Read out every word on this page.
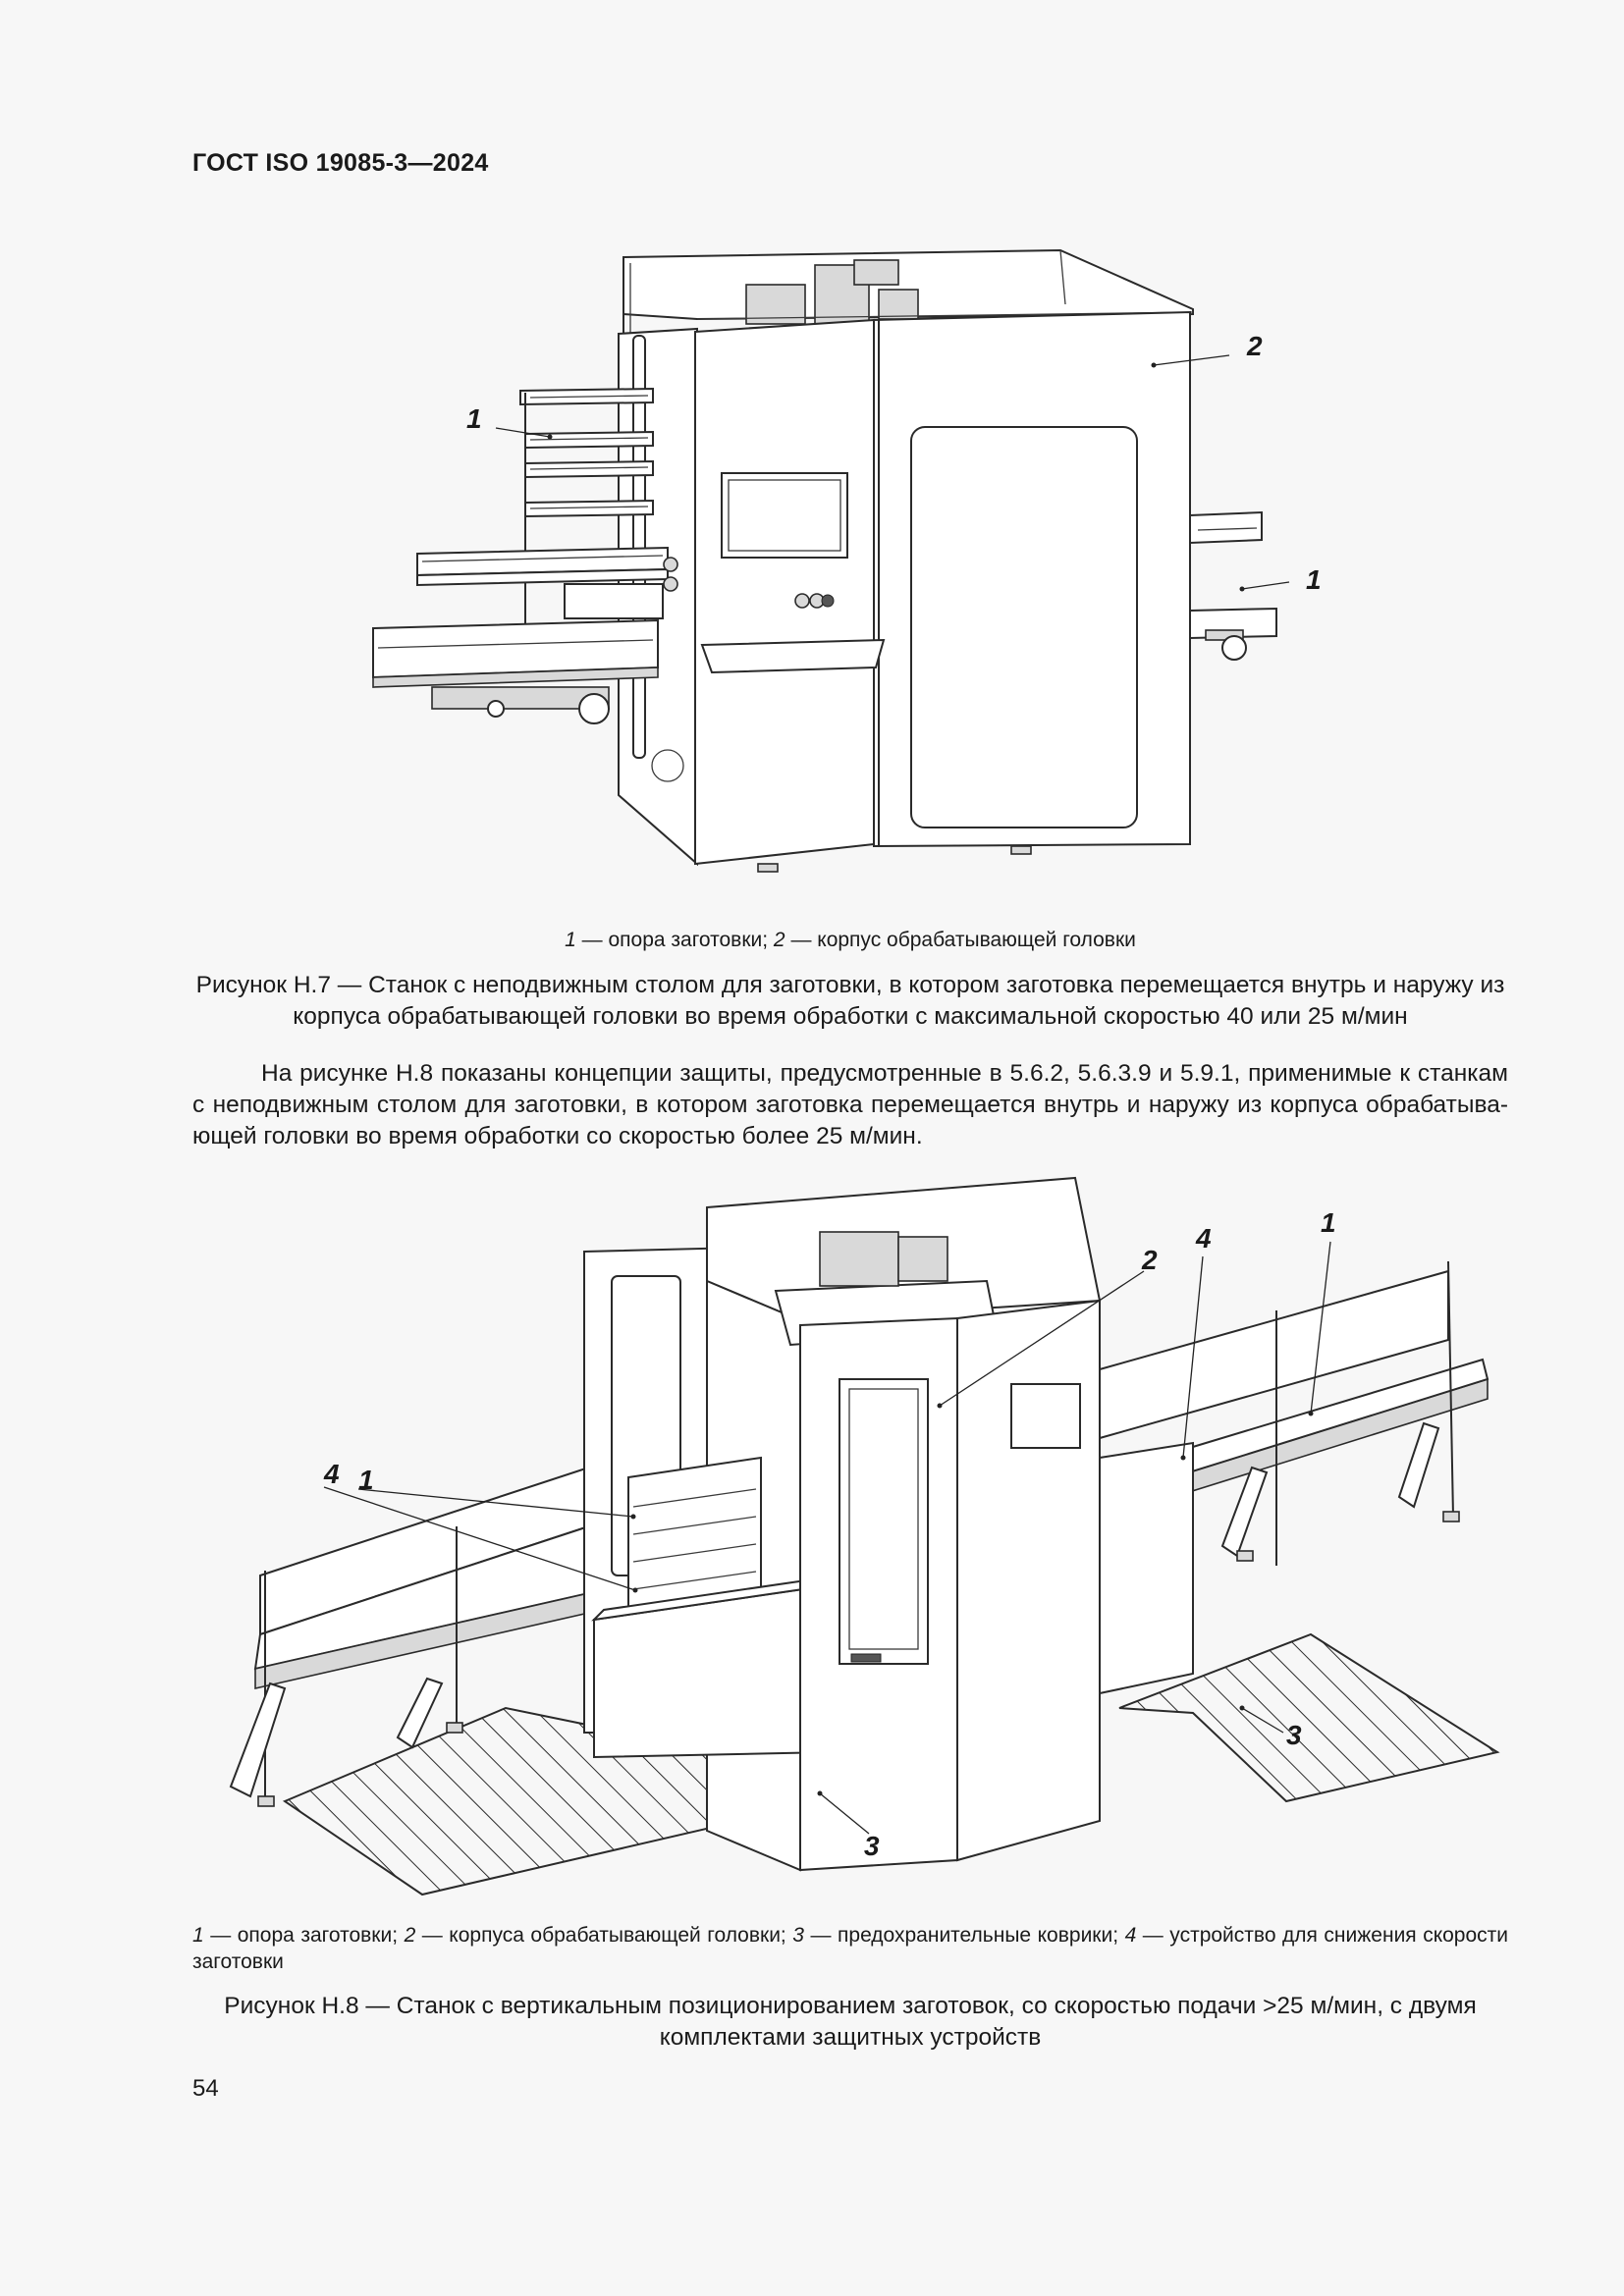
ГОСТ ISO 19085-3—2024
1
2
1
1 — опора заготовки; 2 — корпус обрабатывающей головки
Рисунок Н.7 — Станок с неподвижным столом для заготовки, в котором заготовка перемещается внутрь и наружу из корпуса обрабатывающей головки во время обработки с максимальной скоростью 40 или 25 м/мин
На рисунке Н.8 показаны концепции защиты, предусмотренные в 5.6.2, 5.6.3.9 и 5.9.1, применимые к станкам с неподвижным столом для заготовки, в котором заготовка перемещается внутрь и наружу из корпуса обрабатыва-ющей головки во время обработки со скоростью более 25 м/мин.
2
4
1
4 1
3
3
1 — опора заготовки; 2 — корпуса обрабатывающей головки; 3 — предохранительные коврики; 4 — устройство для снижения скорости заготовки
Рисунок Н.8 — Станок с вертикальным позиционированием заготовок, со скоростью подачи >25 м/мин, с двумя комплектами защитных устройств
54
